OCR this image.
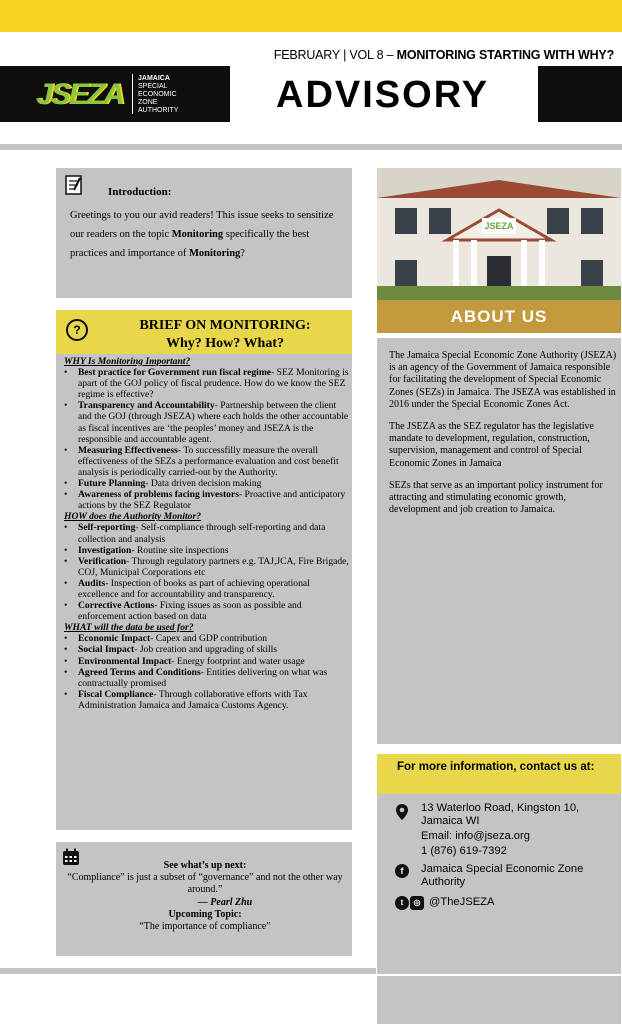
FEBRUARY | VOL 8 – MONITORING STARTING WITH WHY?
JSEZA JAMAICA
SPECIAL
ECONOMIC
ZONE
AUTHORITY	ADVISORY
Introduction:
Greetings to you our avid readers! This issue seeks to sensitize our readers on the topic Monitoring specifically the best practices and importance of Monitoring?
?	BRIEF ON MONITORING:
Why? How? What?
WHY Is Monitoring Important?
• Best practice for Government run fiscal regime- SEZ Monitoring is apart of the GOJ policy of fiscal prudence. How do we know the SEZ regime is effective?
• Transparency and Accountability- Partnership between the client and the GOJ (through JSEZA) where each holds the other accountable as fiscal incentives are ‘the peoples’ money and JSEZA is the responsible and accountable agent.
• Measuring Effectiveness- To successfilly measure the overall effectiveness of the SEZs a performance evaluation and cost benefit analysis is periodically carried-out by the Authority.
• Future Planning- Data driven decision making
• Awareness of problems facing investors- Proactive and anticipatory actions by the SEZ Regulator
HOW does the Authority Monitor?
• Self-reporting- Self-compliance through self-reporting and data collection and analysis
• Investigation- Routine site inspections
• Verification- Through regulatory partners e.g. TAJ,JCA, Fire Brigade, COJ, Municipal Corporations etc
• Audits- Inspection of books as part of achieving operational excellence and for accountability and transparency.
• Corrective Actions- Fixing issues as soon as possible and enforcement action based on data
WHAT will the data be used for?
• Economic Impact- Capex and GDP contribution
• Social Impact- Job creation and upgrading of skills
• Environmental Impact- Energy footprint and water usage
• Agreed Terms and Conditions- Entities delivering on what was contractually promised
• Fiscal Compliance- Through collaborative efforts with Tax Administration Jamaica and Jamaica Customs Agency.
See what’s up next:
“Compliance” is just a subset of “governance” and not the other way around.”
— Pearl Zhu
Upcoming Topic:
“The importance of compliance”
JSEZA
ABOUT US

The Jamaica Special Economic Zone Authority (JSEZA) is an agency of the Government of Jamaica responsible for facilitating the development of Special Economic Zones (SEZs) in Jamaica. The JSEZA was established in 2016 under the Special Economic Zones Act.

The JSEZA as the SEZ regulator has the legislative mandate to development, regulation, construction, supervision, management and control of Special Economic Zones in Jamaica

SEZs that serve as an important policy instrument for attracting and stimulating economic growth, development and job creation to Jamaica.

For more information, contact us at:
13 Waterloo Road, Kingston 10, Jamaica WI
Email: info@jseza.org
1 (876) 619-7392
f	Jamaica Special Economic Zone Authority
t	◎ @TheJSEZA
